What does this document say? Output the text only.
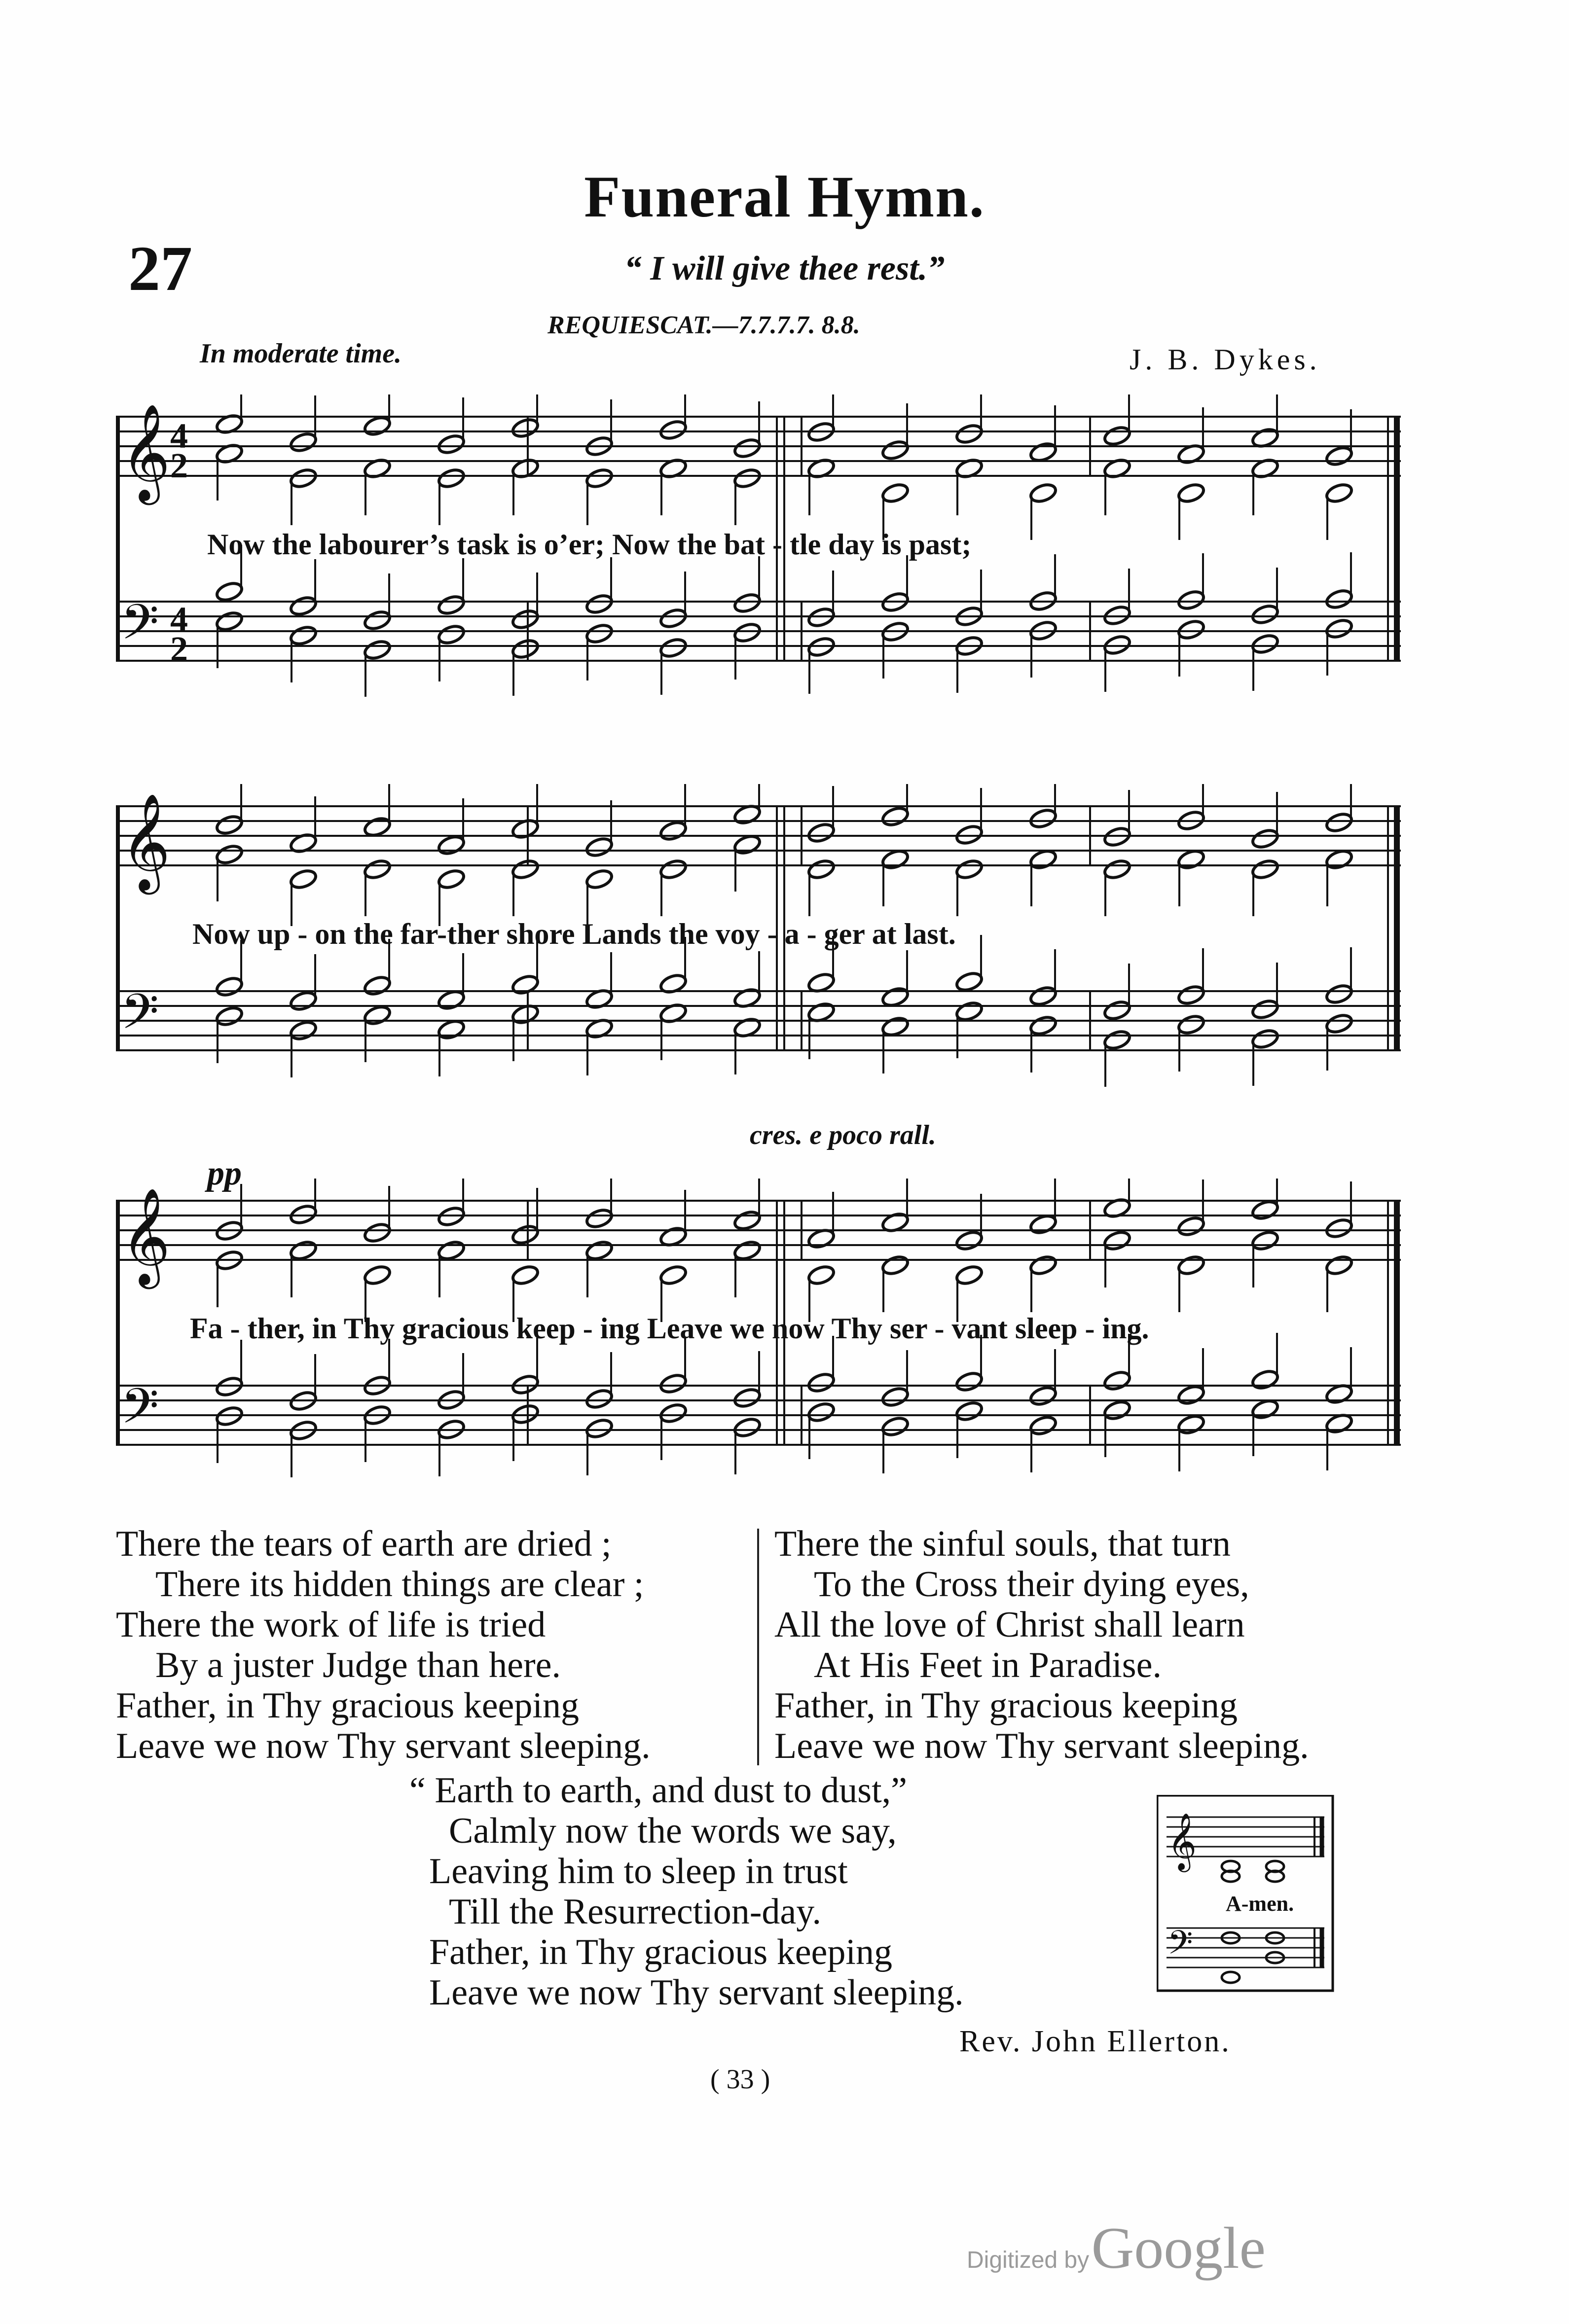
Funeral Hymn.
27	“ I will give thee rest.”
REQUIESCAT.—7.7.7.7. 8.8.
In moderate time.	J. B. Dykes.
𝄞
𝄢
4
2
4
2
Now the labourer’s task is o’er; Now the bat - tle day is past;
𝄞
𝄢
Now up - on the far-ther shore Lands the voy - a - ger at last.
cres. e poco rall.
pp
𝄞
𝄢
Fa - ther, in Thy gracious keep - ing Leave we now Thy ser - vant sleep - ing.
There the tears of earth are dried ;
There its hidden things are clear ;
There the work of life is tried
By a juster Judge than here.
Father, in Thy gracious keeping
Leave we now Thy servant sleeping.
There the sinful souls, that turn
To the Cross their dying eyes,
All the love of Christ shall learn
At His Feet in Paradise.
Father, in Thy gracious keeping
Leave we now Thy servant sleeping.
“ Earth to earth, and dust to dust,”
Calmly now the words we say,
Leaving him to sleep in trust
Till the Resurrection-day.
Father, in Thy gracious keeping
Leave we now Thy servant sleeping.
𝄞
𝄢
A-men.
Rev. John Ellerton.
( 33 )
Digitized by Google
